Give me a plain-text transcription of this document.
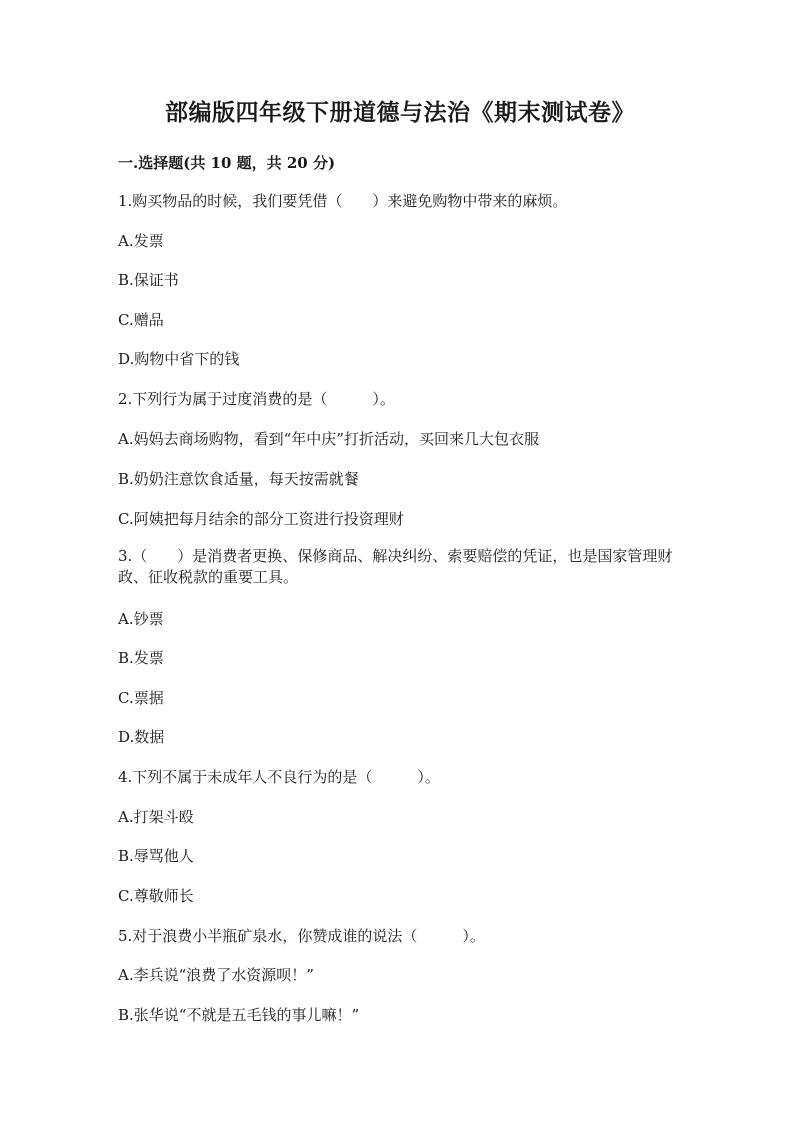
部编版四年级下册道德与法治《期末测试卷》
一.选择题(共 10 题，共 20 分)
1.购买物品的时候，我们要凭借（　　）来避免购物中带来的麻烦。
A.发票
B.保证书
C.赠品
D.购物中省下的钱
2.下列行为属于过度消费的是（　　　）。
A.妈妈去商场购物，看到“年中庆”打折活动，买回来几大包衣服
B.奶奶注意饮食适量，每天按需就餐
C.阿姨把每月结余的部分工资进行投资理财
3.（　　）是消费者更换、保修商品、解决纠纷、索要赔偿的凭证，也是国家管理财政、征收税款的重要工具。
A.钞票
B.发票
C.票据
D.数据
4.下列不属于未成年人不良行为的是（　　　）。
A.打架斗殴
B.辱骂他人
C.尊敬师长
5.对于浪费小半瓶矿泉水，你赞成谁的说法（　　　）。
A.李兵说“浪费了水资源呗！”
B.张华说“不就是五毛钱的事儿嘛！”
